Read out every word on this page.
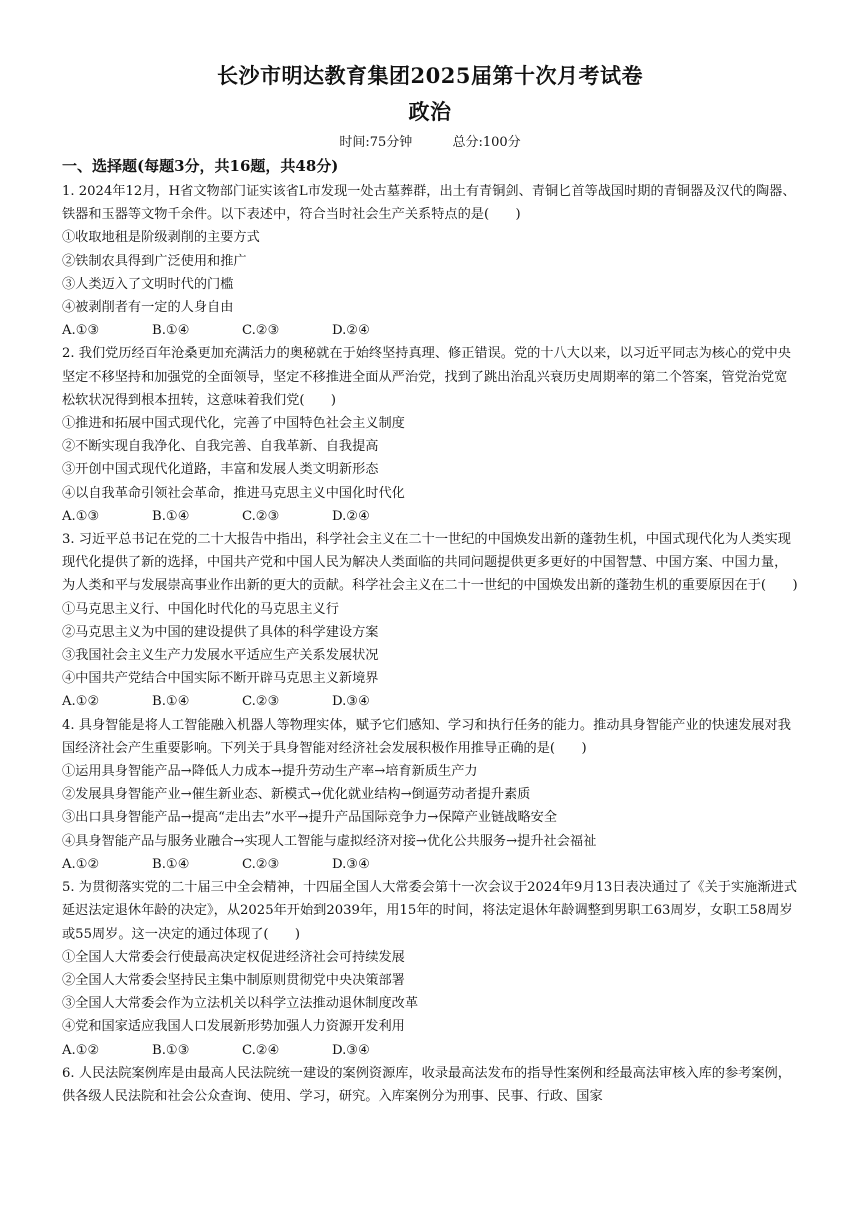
长沙市明达教育集团2025届第十次月考试卷
政治
时间:75分钟	总分:100分
一、选择题(每题3分，共16题，共48分)

1. 2024年12月，H省文物部门证实该省L市发现一处古墓葬群，出土有青铜剑、青铜匕首等战国时期的青铜器及汉代的陶器、铁器和玉器等文物千余件。以下表述中，符合当时社会生产关系特点的是(　　)

①收取地租是阶级剥削的主要方式

②铁制农具得到广泛使用和推广

③人类迈入了文明时代的门槛

④被剥削者有一定的人身自由

A.①③	B.①④	C.②③	D.②④

2. 我们党历经百年沧桑更加充满活力的奥秘就在于始终坚持真理、修正错误。党的十八大以来，以习近平同志为核心的党中央坚定不移坚持和加强党的全面领导，坚定不移推进全面从严治党，找到了跳出治乱兴衰历史周期率的第二个答案，管党治党宽松软状况得到根本扭转，这意味着我们党(　　)

①推进和拓展中国式现代化，完善了中国特色社会主义制度

②不断实现自我净化、自我完善、自我革新、自我提高

③开创中国式现代化道路，丰富和发展人类文明新形态

④以自我革命引领社会革命，推进马克思主义中国化时代化

A.①③	B.①④	C.②③	D.②④

3. 习近平总书记在党的二十大报告中指出，科学社会主义在二十一世纪的中国焕发出新的蓬勃生机，中国式现代化为人类实现现代化提供了新的选择，中国共产党和中国人民为解决人类面临的共同问题提供更多更好的中国智慧、中国方案、中国力量，为人类和平与发展崇高事业作出新的更大的贡献。科学社会主义在二十一世纪的中国焕发出新的蓬勃生机的重要原因在于(　　)

①马克思主义行、中国化时代化的马克思主义行

②马克思主义为中国的建设提供了具体的科学建设方案

③我国社会主义生产力发展水平适应生产关系发展状况

④中国共产党结合中国实际不断开辟马克思主义新境界

A.①②	B.①④	C.②③	D.③④

4. 具身智能是将人工智能融入机器人等物理实体，赋予它们感知、学习和执行任务的能力。推动具身智能产业的快速发展对我国经济社会产生重要影响。下列关于具身智能对经济社会发展积极作用推导正确的是(　　)

①运用具身智能产品→降低人力成本→提升劳动生产率→培育新质生产力

②发展具身智能产业→催生新业态、新模式→优化就业结构→倒逼劳动者提升素质

③出口具身智能产品→提高“走出去”水平→提升产品国际竞争力→保障产业链战略安全

④具身智能产品与服务业融合→实现人工智能与虚拟经济对接→优化公共服务→提升社会福祉

A.①②	B.①④	C.②③	D.③④

5. 为贯彻落实党的二十届三中全会精神，十四届全国人大常委会第十一次会议于2024年9月13日表决通过了《关于实施渐进式延迟法定退休年龄的决定》，从2025年开始到2039年，用15年的时间，将法定退休年龄调整到男职工63周岁，女职工58周岁或55周岁。这一决定的通过体现了(　　)

①全国人大常委会行使最高决定权促进经济社会可持续发展

②全国人大常委会坚持民主集中制原则贯彻党中央决策部署

③全国人大常委会作为立法机关以科学立法推动退休制度改革

④党和国家适应我国人口发展新形势加强人力资源开发利用

A.①②	B.①③	C.②④	D.③④

6. 人民法院案例库是由最高人民法院统一建设的案例资源库，收录最高法发布的指导性案例和经最高法审核入库的参考案例，供各级人民法院和社会公众查询、使用、学习，研究。入库案例分为刑事、民事、行政、国家
